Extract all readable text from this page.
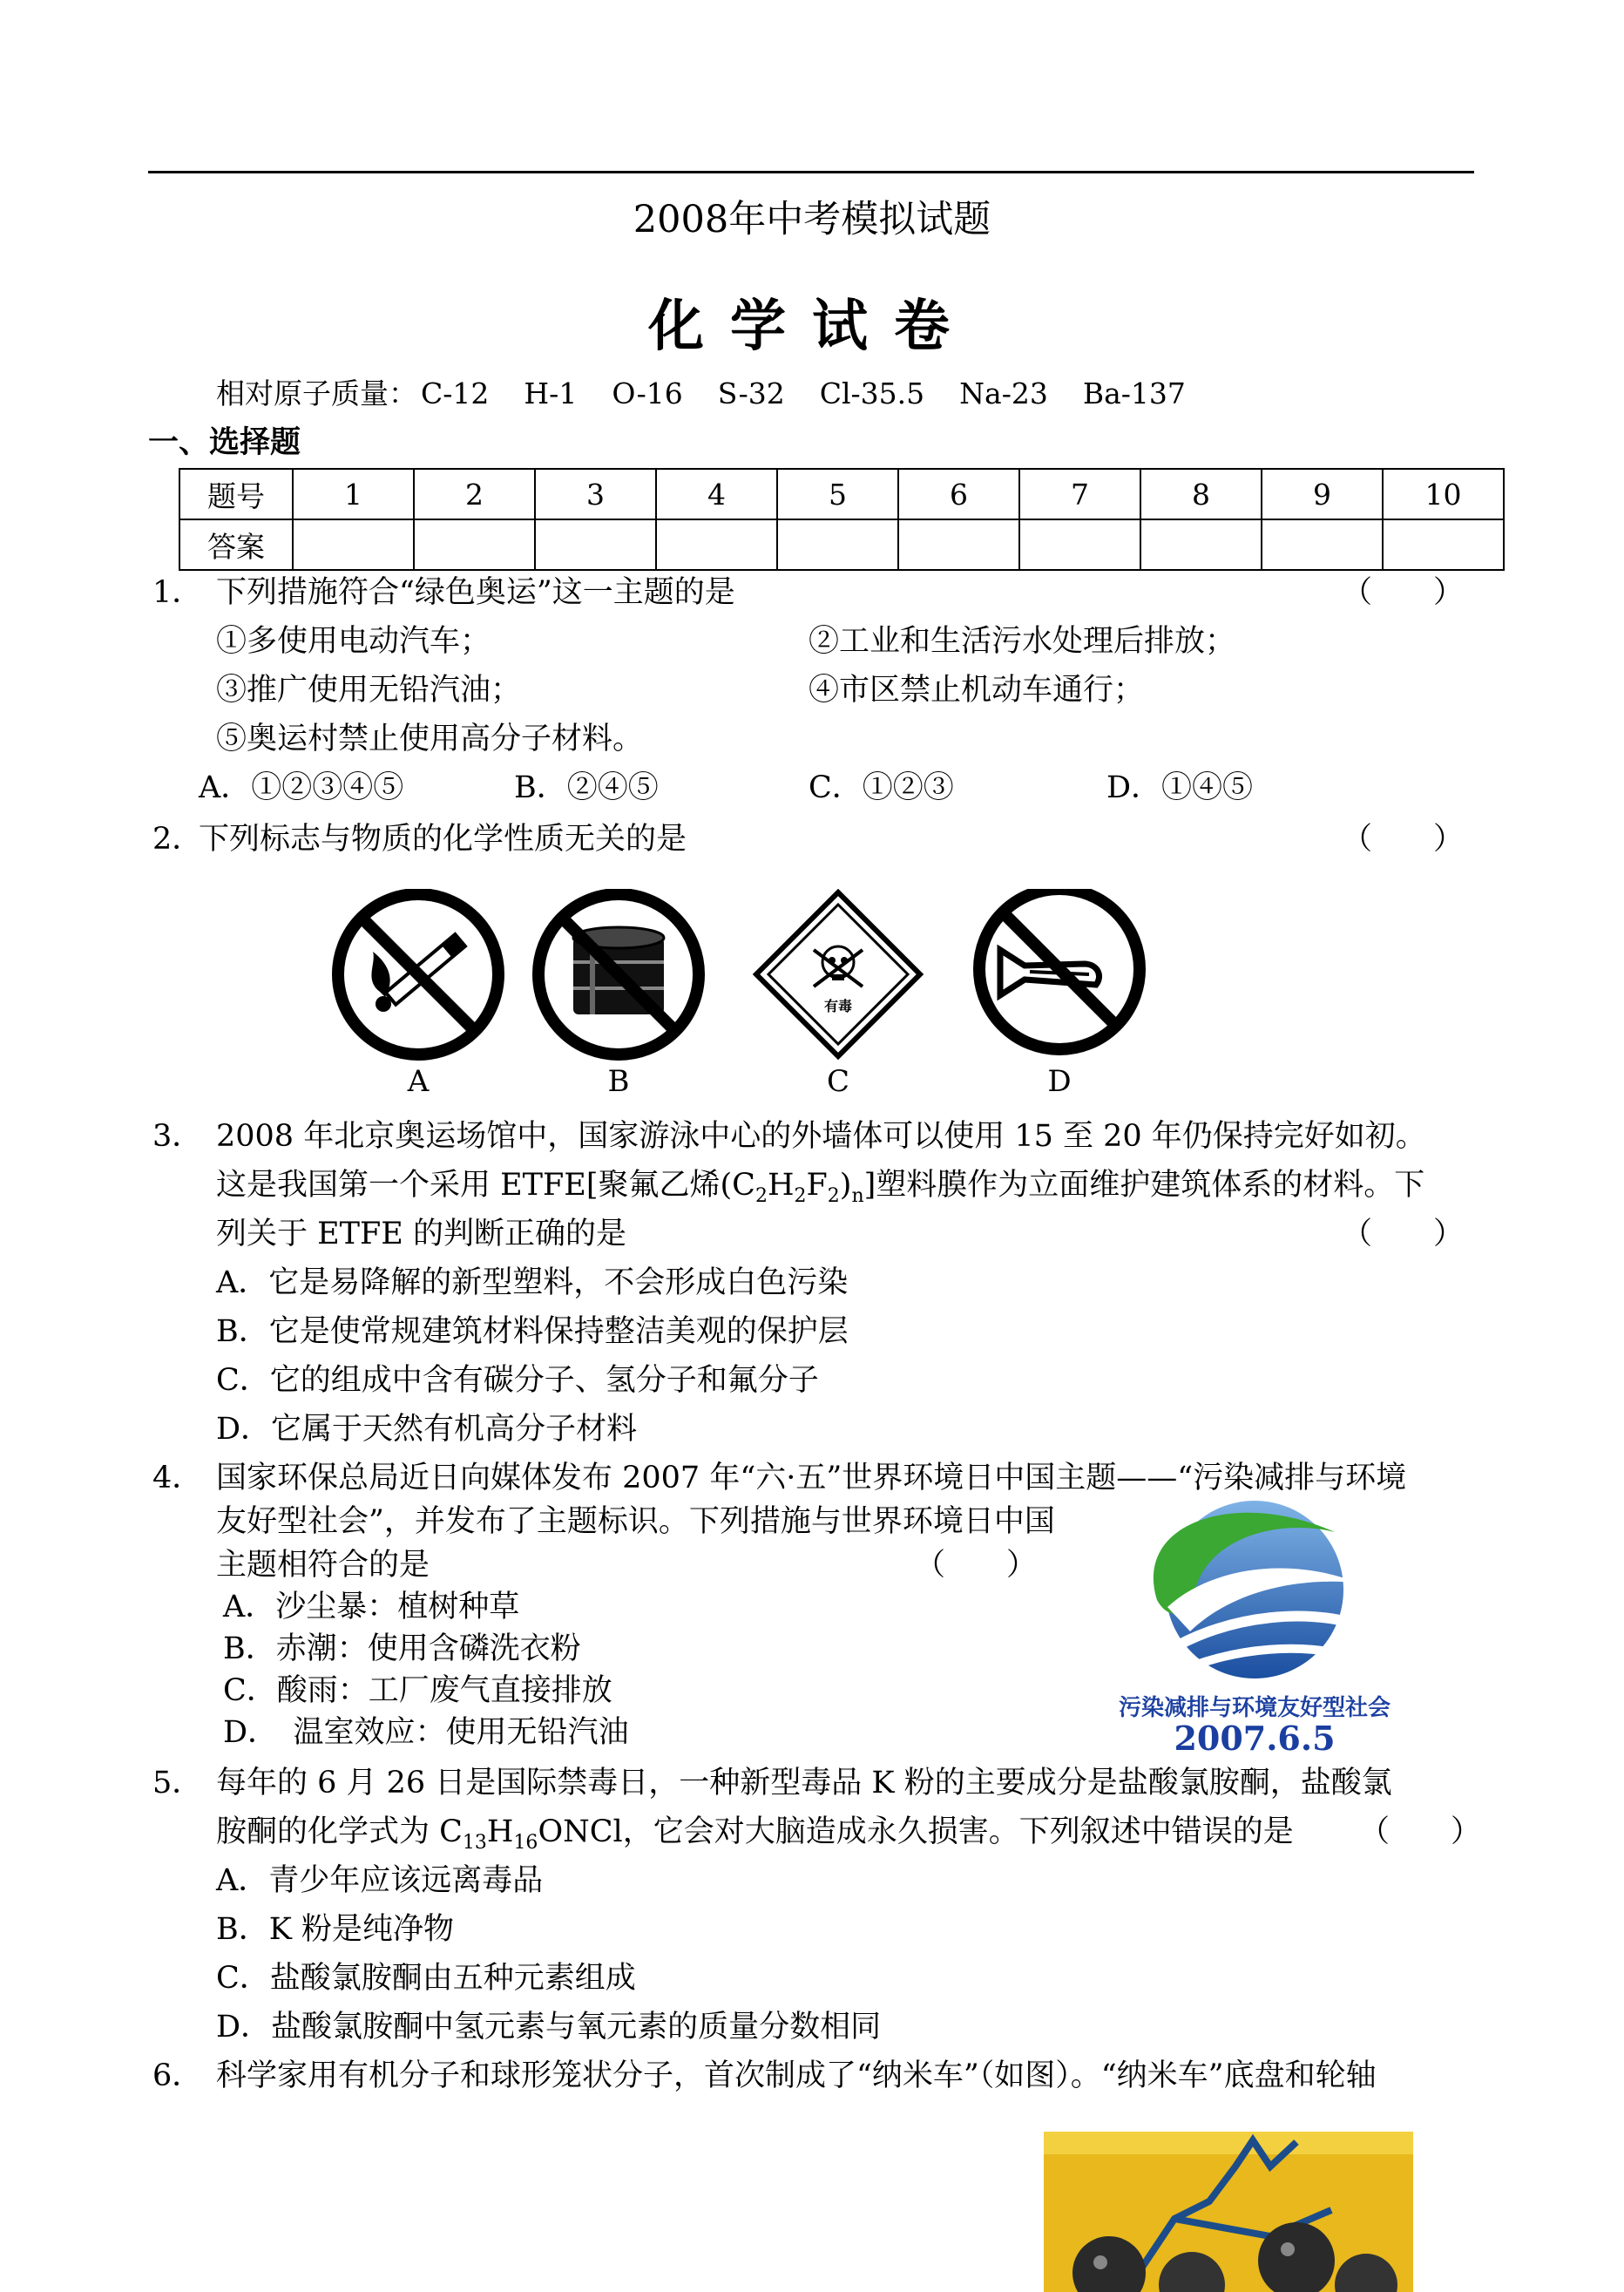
2008年中考模拟试题
化学试卷
相对原子质量： C-12 H-1 O-16 S-32 Cl-35.5 Na-23 Ba-137
一、选择题
题号	1	2	3	4	5	6	7	8	9	10
答案										
1． 下列措施符合“绿色奥运”这一主题的是	（　　）
①多使用电动汽车；	②工业和生活污水处理后排放；
③推广使用无铅汽油；	④市区禁止机动车通行；
⑤奥运村禁止使用高分子材料。
A．①②③④⑤	B．②④⑤	C．①②③	D．①④⑤
2．
下列标志与物质的化学性质无关的是	（　　）
有毒
A	B	C	D
3． 2008 年北京奥运场馆中，国家游泳中心的外墙体可以使用 15 至 20 年仍保持完好如初。
这是我国第一个采用 ETFE[聚氟乙烯$(C_2H_2F_2)_n$]塑料膜作为立面维护建筑体系的材料。下
列关于 ETFE 的判断正确的是	（　　）
A．它是易降解的新型塑料，不会形成白色污染
B．它是使常规建筑材料保持整洁美观的保护层
C．它的组成中含有碳分子、氢分子和氟分子
D．它属于天然有机高分子材料
4． 国家环保总局近日向媒体发布 2007 年“六·五”世界环境日中国主题——“污染减排与环境
友好型社会”，并发布了主题标识。下列措施与世界环境日中国
主题相符合的是	（　　）
A．沙尘暴：植树种草
B．赤潮：使用含磷洗衣粉
C．酸雨：工厂废气直接排放
D．　温室效应：使用无铅汽油
污染减排与环境友好型社会
2007.6.5
5． 每年的 6 月 26 日是国际禁毒日，一种新型毒品 K 粉的主要成分是盐酸氯胺酮，盐酸氯
胺酮的化学式为 $C_{13}H_{16}ONCl$，它会对大脑造成永久损害。下列叙述中错误的是 （　　）
A．青少年应该远离毒品
B．K 粉是纯净物
C．盐酸氯胺酮由五种元素组成
D．盐酸氯胺酮中氢元素与氧元素的质量分数相同
6． 科学家用有机分子和球形笼状分子，首次制成了“纳米车”（如图）。“纳米车”底盘和轮轴
